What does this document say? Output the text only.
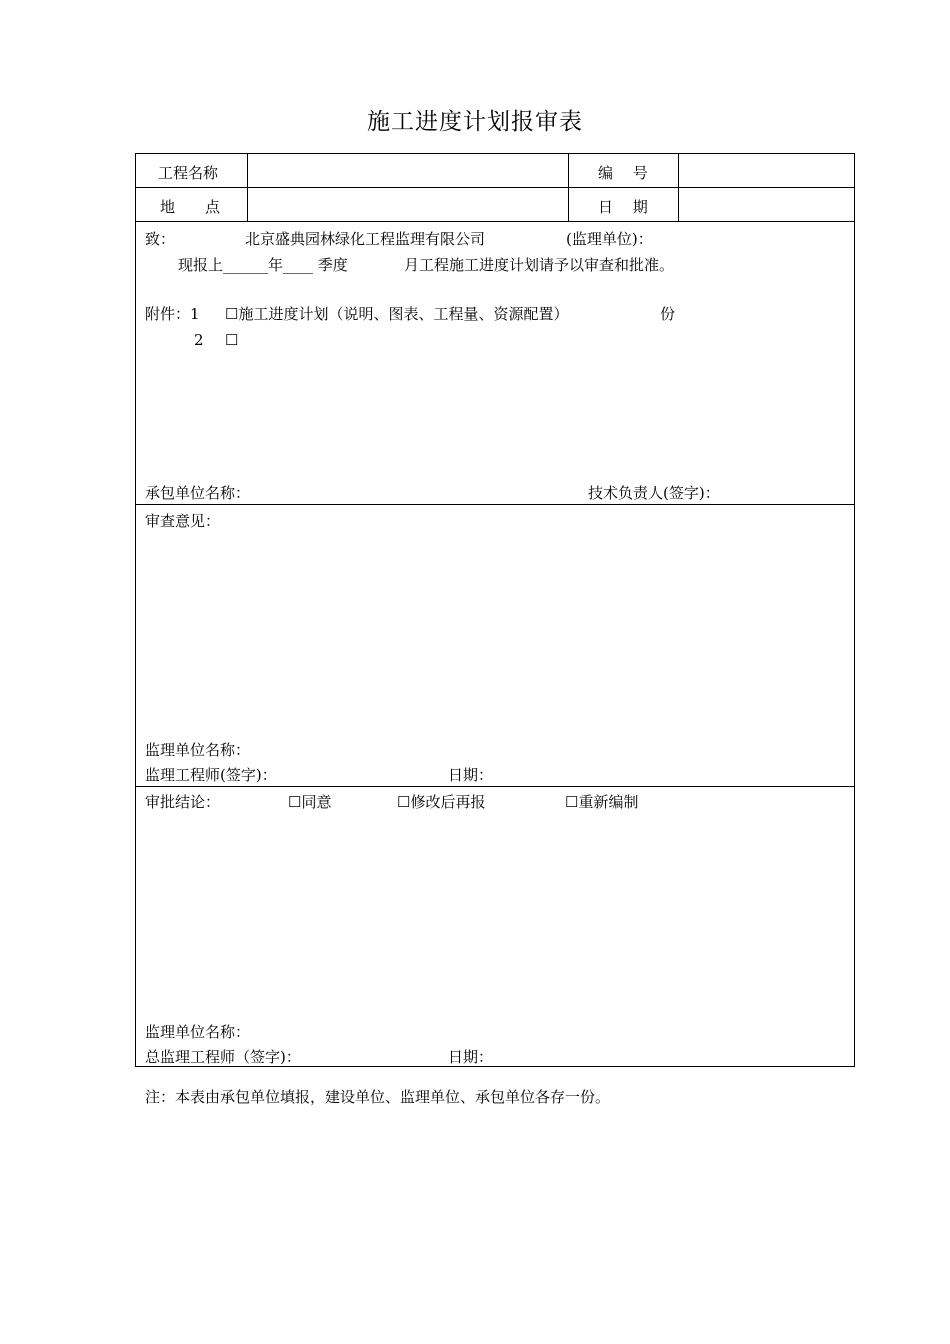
施工进度计划报审表
工程名称	编　 号
地　　点	日　 期
致：	北京盛典园林绿化工程监理有限公司	(监理单位)：
现报上______年____ 季度	月工程施工进度计划请予以审查和批准。
附件：1 ☐施工进度计划（说明、图表、工程量、资源配置）	份
2 ☐
承包单位名称：	技术负责人(签字)：
审查意见：
监理单位名称：
监理工程师(签字)：	日期：
审批结论：	☐同意	☐修改后再报	☐重新编制
监理单位名称：
总监理工程师（签字)：	日期：
注：本表由承包单位填报，建设单位、监理单位、承包单位各存一份。
